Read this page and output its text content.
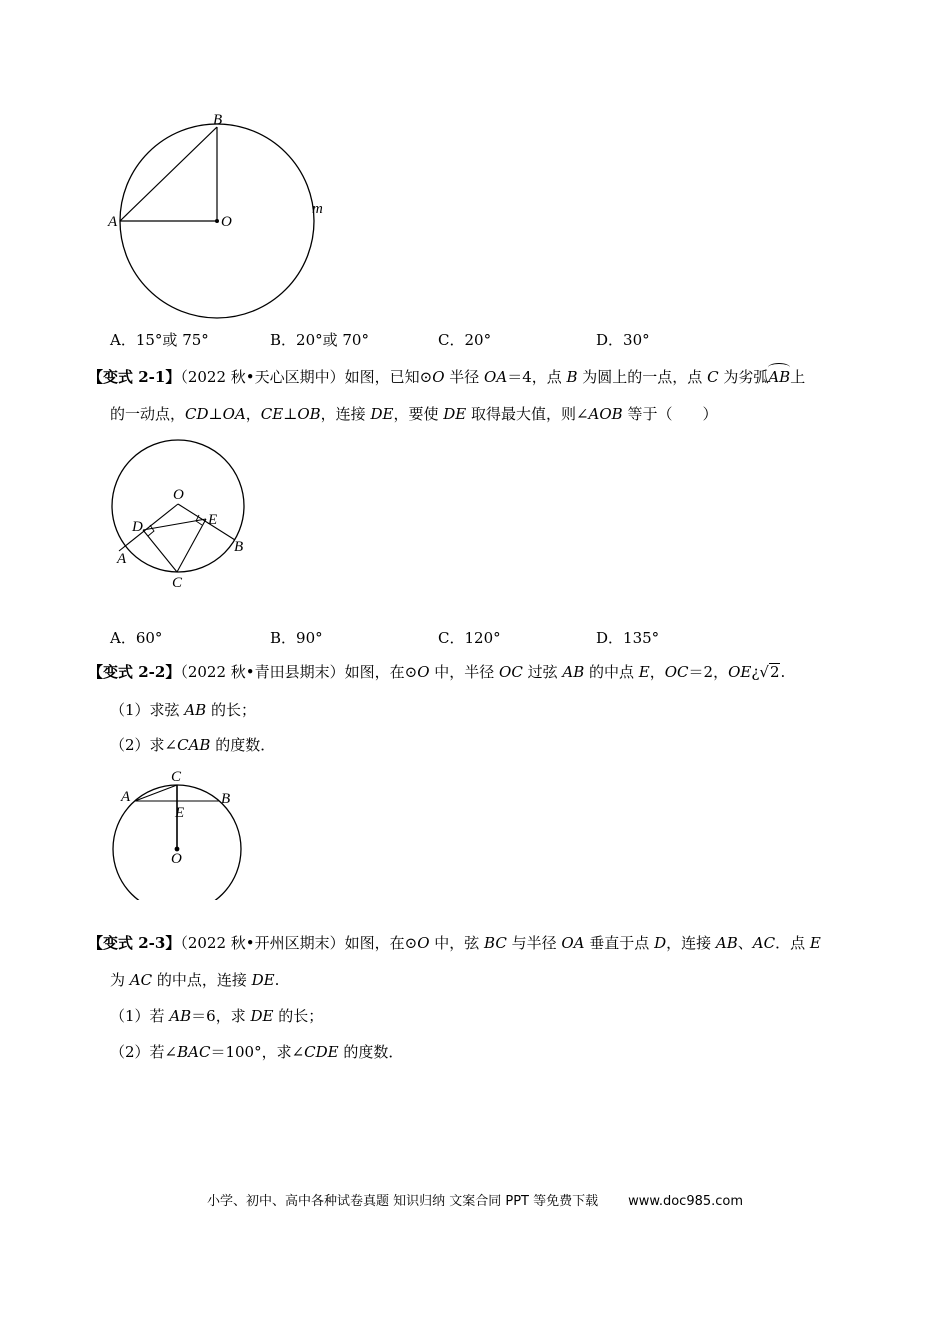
B
A	O
m
A．15°或 75°	B．20°或 70°	C．20°	D．30°
【变式 2-1】（2022 秋•天心区期中）如图，已知⊙O 半径 OA＝4，点 B 为圆上的一点，点 C 为劣弧AB上
的一动点，CD⊥OA，CE⊥OB，连接 DE，要使 DE 取得最大值，则∠AOB 等于（　　）
O
D	E
A
B
C
A．60°	B．90°	C．120°	D．135°
【变式 2-2】（2022 秋•青田县期末）如图，在⊙O 中，半径 OC 过弦 AB 的中点 E，OC＝2，OE¿√2.
（1）求弦 AB 的长；
（2）求∠CAB 的度数．
C
A	B
E
O
【变式 2-3】（2022 秋•开州区期末）如图，在⊙O 中，弦 BC 与半径 OA 垂直于点 D，连接 AB、AC．点 E
为 AC 的中点，连接 DE.
（1）若 AB＝6，求 DE 的长；
（2）若∠BAC＝100°，求∠CDE 的度数．
小学、初中、高中各种试卷真题 知识归纳 文案合同 PPT 等免费下载 www.doc985.com
